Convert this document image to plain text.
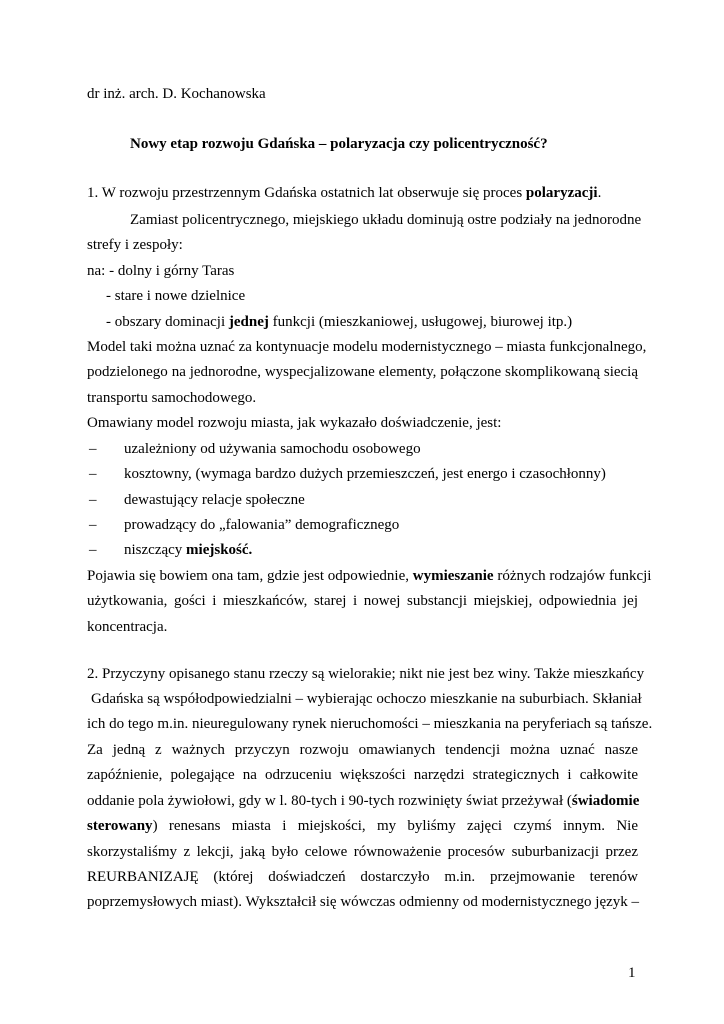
dr inż. arch. D. Kochanowska
Nowy etap rozwoju Gdańska – polaryzacja czy policentryczność?
1. W rozwoju przestrzennym Gdańska ostatnich lat obserwuje się proces polaryzacji.
Zamiast policentrycznego, miejskiego układu dominują ostre podziały na jednorodne
strefy i zespoły:
na: - dolny i górny Taras
- stare i nowe dzielnice
- obszary dominacji jednej funkcji (mieszkaniowej, usługowej, biurowej itp.)
Model taki można uznać za kontynuacje modelu modernistycznego – miasta funkcjonalnego,
podzielonego na jednorodne, wyspecjalizowane elementy, połączone skomplikowaną siecią
transportu samochodowego.
Omawiany model rozwoju miasta, jak wykazało doświadczenie, jest:
– uzależniony od używania samochodu osobowego
– kosztowny, (wymaga bardzo dużych przemieszczeń, jest energo i czasochłonny)
– dewastujący relacje społeczne
– prowadzący do „falowania” demograficznego
– niszczący miejskość.
Pojawia się bowiem ona tam, gdzie jest odpowiednie, wymieszanie różnych rodzajów funkcji
użytkowania, gości i mieszkańców, starej i nowej substancji miejskiej, odpowiednia jej
koncentracja.
2. Przyczyny opisanego stanu rzeczy są wielorakie; nikt nie jest bez winy. Także mieszkańcy
Gdańska są współodpowiedzialni – wybierając ochoczo mieszkanie na suburbiach. Skłaniał
ich do tego m.in. nieuregulowany rynek nieruchomości – mieszkania na peryferiach są tańsze.
Za jedną z ważnych przyczyn rozwoju omawianych tendencji można uznać nasze
zapóźnienie, polegające na odrzuceniu większości narzędzi strategicznych i całkowite
oddanie pola żywiołowi, gdy w l. 80-tych i 90-tych rozwinięty świat przeżywał (świadomie
sterowany) renesans miasta i miejskości, my byliśmy zajęci czymś innym. Nie
skorzystaliśmy z lekcji, jaką było celowe równoważenie procesów suburbanizacji przez
REURBANIZAJĘ (której doświadczeń dostarczyło m.in. przejmowanie terenów
poprzemysłowych miast). Wykształcił się wówczas odmienny od modernistycznego język –
1
